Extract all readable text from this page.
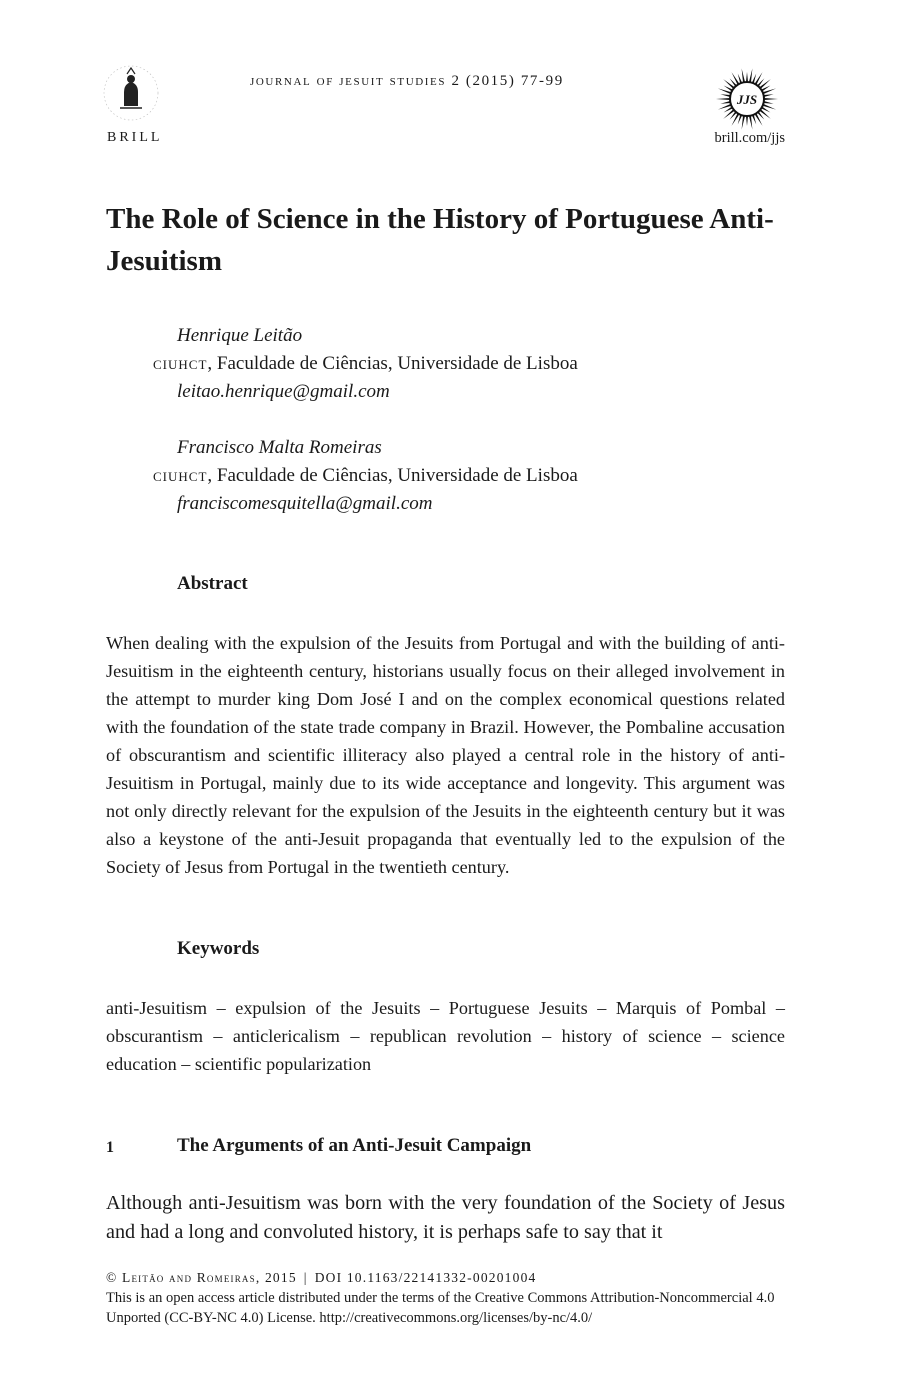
BRILL
journal of jesuit studies 2 (2015) 77-99
JJS
brill.com/jjs
The Role of Science in the History of Portuguese Anti-Jesuitism
Henrique Leitão
ciuhct, Faculdade de Ciências, Universidade de Lisboa
leitao.henrique@gmail.com
Francisco Malta Romeiras
ciuhct, Faculdade de Ciências, Universidade de Lisboa
franciscomesquitella@gmail.com
Abstract
When dealing with the expulsion of the Jesuits from Portugal and with the building of anti-Jesuitism in the eighteenth century, historians usually focus on their alleged involvement in the attempt to murder king Dom José I and on the complex economical questions related with the foundation of the state trade company in Brazil. However, the Pombaline accusation of obscurantism and scientific illiteracy also played a central role in the history of anti-Jesuitism in Portugal, mainly due to its wide acceptance and longevity. This argument was not only directly relevant for the expulsion of the Jesuits in the eighteenth century but it was also a keystone of the anti-Jesuit propaganda that eventually led to the expulsion of the Society of Jesus from Portugal in the twentieth century.
Keywords
anti-Jesuitism – expulsion of the Jesuits – Portuguese Jesuits – Marquis of Pombal – obscurantism – anticlericalism – republican revolution – history of science – science education – scientific popularization
1	The Arguments of an Anti-Jesuit Campaign
Although anti-Jesuitism was born with the very foundation of the Society of Jesus and had a long and convoluted history, it is perhaps safe to say that it
© Leitão and Romeiras, 2015 | DOI 10.1163/22141332-00201004
This is an open access article distributed under the terms of the Creative Commons Attribution-Noncommercial 4.0 Unported (CC-BY-NC 4.0) License. http://creativecommons.org/licenses/by-nc/4.0/
